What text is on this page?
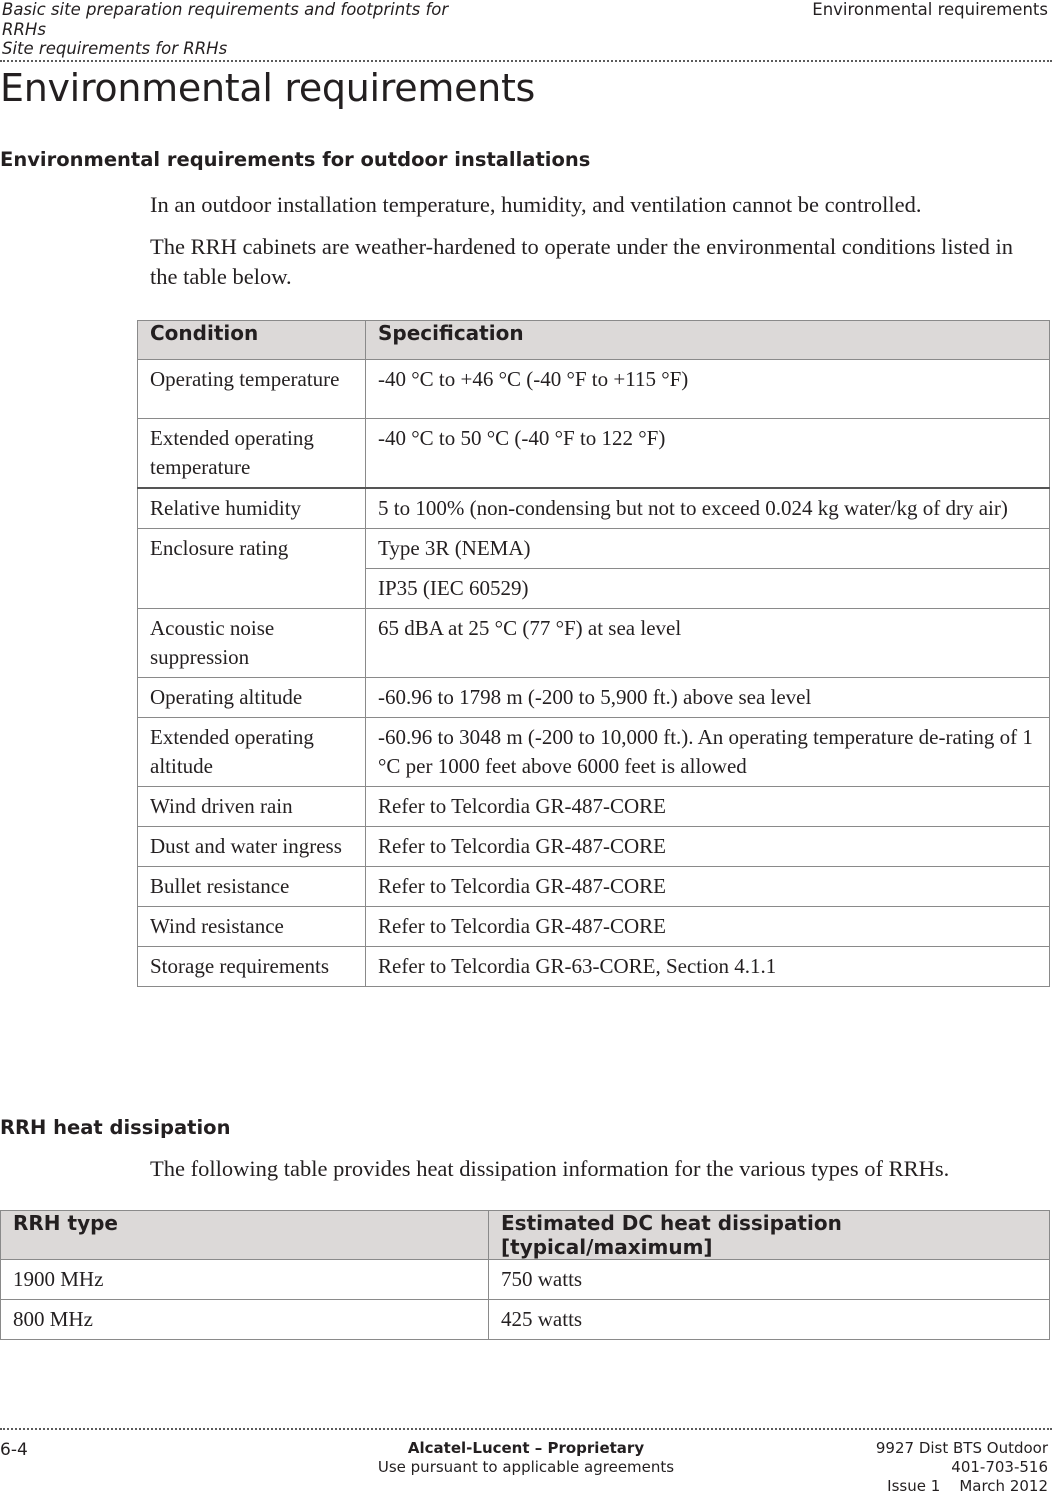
Basic site preparation requirements and footprints for
RRHs
Site requirements for RRHs
Environmental requirements
Environmental requirements
Environmental requirements for outdoor installations

In an outdoor installation temperature, humidity, and ventilation cannot be controlled.

The RRH cabinets are weather-hardened to operate under the environmental conditions listed in the table below.

Condition	Specification
Operating temperature	-40 °C to +46 °C (-40 °F to +115 °F)
Extended operating temperature	-40 °C to 50 °C (-40 °F to 122 °F)
Relative humidity	5 to 100% (non-condensing but not to exceed 0.024 kg water/kg of dry air)
Enclosure rating	Type 3R (NEMA)
	IP35 (IEC 60529)
Acoustic noise suppression	65 dBA at 25 °C (77 °F) at sea level
Operating altitude	-60.96 to 1798 m (-200 to 5,900 ft.) above sea level
Extended operating altitude	-60.96 to 3048 m (-200 to 10,000 ft.). An operating temperature de-rating of 1 °C per 1000 feet above 6000 feet is allowed
Wind driven rain	Refer to Telcordia GR-487-CORE
Dust and water ingress	Refer to Telcordia GR-487-CORE
Bullet resistance	Refer to Telcordia GR-487-CORE
Wind resistance	Refer to Telcordia GR-487-CORE
Storage requirements	Refer to Telcordia GR-63-CORE, Section 4.1.1
RRH heat dissipation

The following table provides heat dissipation information for the various types of RRHs.

RRH type	Estimated DC heat dissipation [typical/maximum]
1900 MHz	750 watts
800 MHz	425 watts
6-4	Alcatel-Lucent – Proprietary
Use pursuant to applicable agreements
9927 Dist BTS Outdoor
401-703-516
Issue 1    March 2012
